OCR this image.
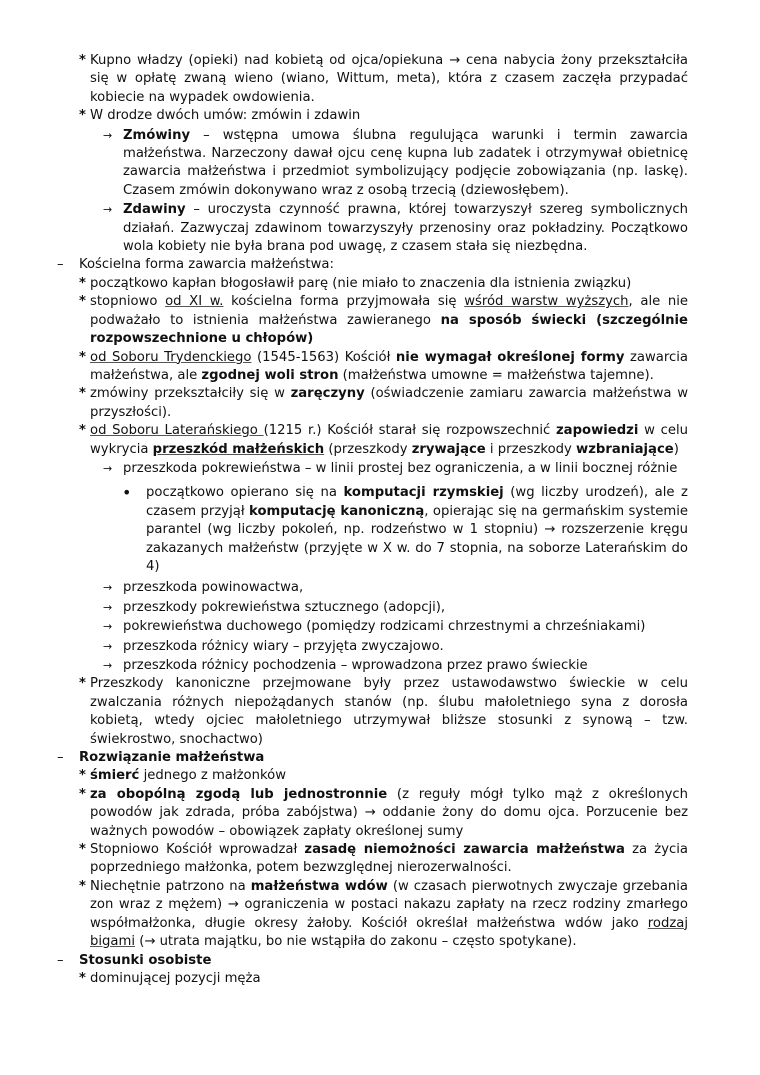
* Kupno władzy (opieki) nad kobietą od ojca/opiekuna → cena nabycia żony przekształciła się w opłatę zwaną wieno (wiano, Wittum, meta), która z czasem zaczęła przypadać kobiecie na wypadek owdowienia.
* W drodze dwóch umów: zmówin i zdawin
→ Zmówiny – wstępna umowa ślubna regulująca warunki i termin zawarcia małżeństwa. Narzeczony dawał ojcu cenę kupna lub zadatek i otrzymywał obietnicę zawarcia małżeństwa i przedmiot symbolizujący podjęcie zobowiązania (np. laskę). Czasem zmówin dokonywano wraz z osobą trzecią (dziewosłębem).
→ Zdawiny – uroczysta czynność prawna, której towarzyszył szereg symbolicznych działań. Zazwyczaj zdawinom towarzyszyły przenosiny oraz pokładziny. Początkowo wola kobiety nie była brana pod uwagę, z czasem stała się niezbędna.
– Kościelna forma zawarcia małżeństwa:
* początkowo kapłan błogosławił parę (nie miało to znaczenia dla istnienia związku)
* stopniowo od XI w. kościelna forma przyjmowała się wśród warstw wyższych, ale nie podważało to istnienia małżeństwa zawieranego na sposób świecki (szczególnie rozpowszechnione u chłopów)
* od Soboru Trydenckiego (1545-1563) Kościół nie wymagał określonej formy zawarcia małżeństwa, ale zgodnej woli stron (małżeństwa umowne = małżeństwa tajemne).
* zmówiny przekształciły się w zaręczyny (oświadczenie zamiaru zawarcia małżeństwa w przyszłości).
* od Soboru Laterańskiego (1215 r.) Kościół starał się rozpowszechnić zapowiedzi w celu wykrycia przeszkód małżeńskich (przeszkody zrywające i przeszkody wzbraniające)
→ przeszkoda pokrewieństwa – w linii prostej bez ograniczenia, a w linii bocznej różnie
• początkowo opierano się na komputacji rzymskiej (wg liczby urodzeń), ale z czasem przyjął komputację kanoniczną, opierając się na germańskim systemie parantel (wg liczby pokoleń, np. rodzeństwo w 1 stopniu) → rozszerzenie kręgu zakazanych małżeństw (przyjęte w X w. do 7 stopnia, na soborze Laterańskim do 4)
→ przeszkoda powinowactwa,
→ przeszkody pokrewieństwa sztucznego (adopcji),
→ pokrewieństwa duchowego (pomiędzy rodzicami chrzestnymi a chrześniakami)
→ przeszkoda różnicy wiary – przyjęta zwyczajowo.
→ przeszkoda różnicy pochodzenia – wprowadzona przez prawo świeckie
* Przeszkody kanoniczne przejmowane były przez ustawodawstwo świeckie w celu zwalczania różnych niepożądanych stanów (np. ślubu małoletniego syna z dorosła kobietą, wtedy ojciec małoletniego utrzymywał bliższe stosunki z synową – tzw. świekrostwo, snochactwo)
– Rozwiązanie małżeństwa
* śmierć jednego z małżonków
* za obopólną zgodą lub jednostronnie (z reguły mógł tylko mąż z określonych powodów jak zdrada, próba zabójstwa) → oddanie żony do domu ojca. Porzucenie bez ważnych powodów – obowiązek zapłaty określonej sumy
* Stopniowo Kościół wprowadzał zasadę niemożności zawarcia małżeństwa za życia poprzedniego małżonka, potem bezwzględnej nierozerwalności.
* Niechętnie patrzono na małżeństwa wdów (w czasach pierwotnych zwyczaje grzebania zon wraz z mężem) → ograniczenia w postaci nakazu zapłaty na rzecz rodziny zmarłego współmałżonka, długie okresy żałoby. Kościół określał małżeństwa wdów jako rodzaj bigami (→ utrata majątku, bo nie wstąpiła do zakonu – często spotykane).
– Stosunki osobiste
* dominującej pozycji męża
